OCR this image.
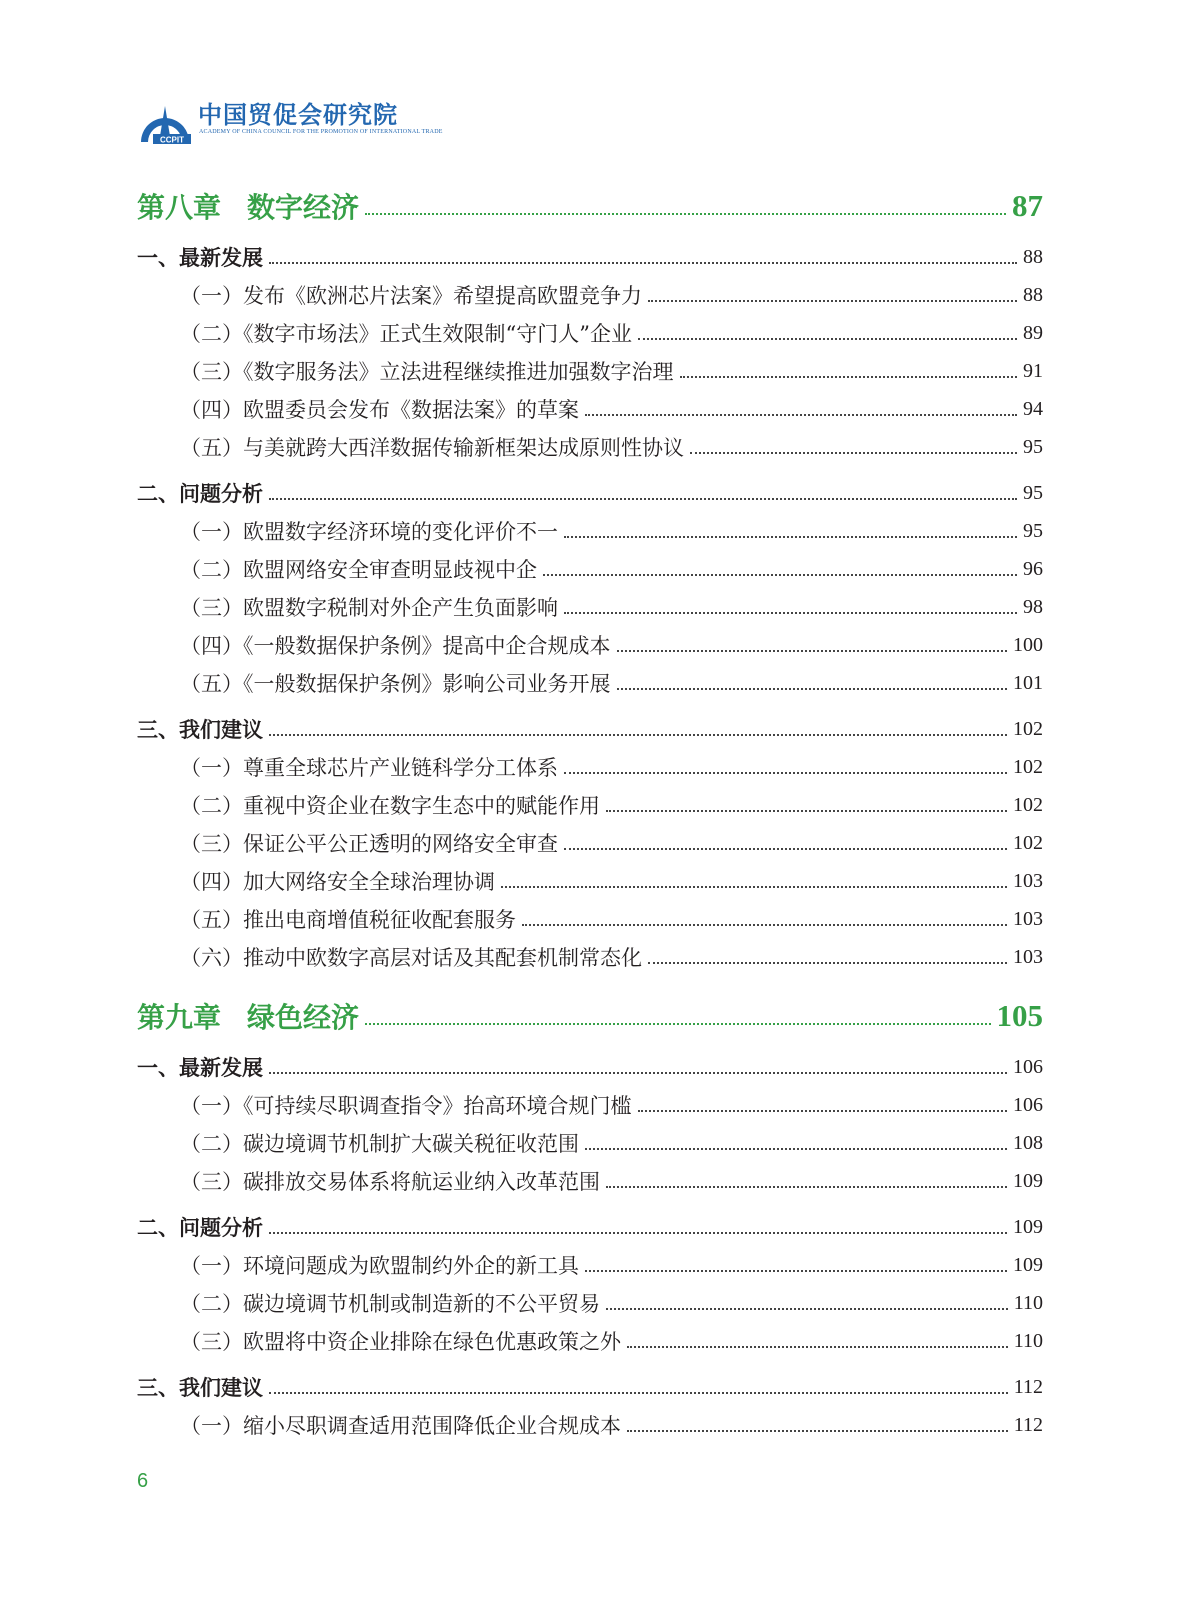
CCPIT
中国贸促会研究院
ACADEMY OF CHINA COUNCIL FOR THE PROMOTION OF INTERNATIONAL TRADE
第八章 数字经济	87
一、最新发展	88
（一）发布《欧洲芯片法案》希望提高欧盟竞争力	88
（二）《数字市场法》正式生效限制“守门人”企业	89
（三）《数字服务法》立法进程继续推进加强数字治理	91
（四）欧盟委员会发布《数据法案》的草案	94
（五）与美就跨大西洋数据传输新框架达成原则性协议	95
二、问题分析	95
（一）欧盟数字经济环境的变化评价不一	95
（二）欧盟网络安全审查明显歧视中企	96
（三）欧盟数字税制对外企产生负面影响	98
（四）《一般数据保护条例》提高中企合规成本	100
（五）《一般数据保护条例》影响公司业务开展	101
三、我们建议	102
（一）尊重全球芯片产业链科学分工体系	102
（二）重视中资企业在数字生态中的赋能作用	102
（三）保证公平公正透明的网络安全审查	102
（四）加大网络安全全球治理协调	103
（五）推出电商增值税征收配套服务	103
（六）推动中欧数字高层对话及其配套机制常态化	103
第九章 绿色经济	105
一、最新发展	106
（一）《可持续尽职调查指令》抬高环境合规门槛	106
（二）碳边境调节机制扩大碳关税征收范围	108
（三）碳排放交易体系将航运业纳入改革范围	109
二、问题分析	109
（一）环境问题成为欧盟制约外企的新工具	109
（二）碳边境调节机制或制造新的不公平贸易	110
（三）欧盟将中资企业排除在绿色优惠政策之外	110
三、我们建议	112
（一）缩小尽职调查适用范围降低企业合规成本	112
6
